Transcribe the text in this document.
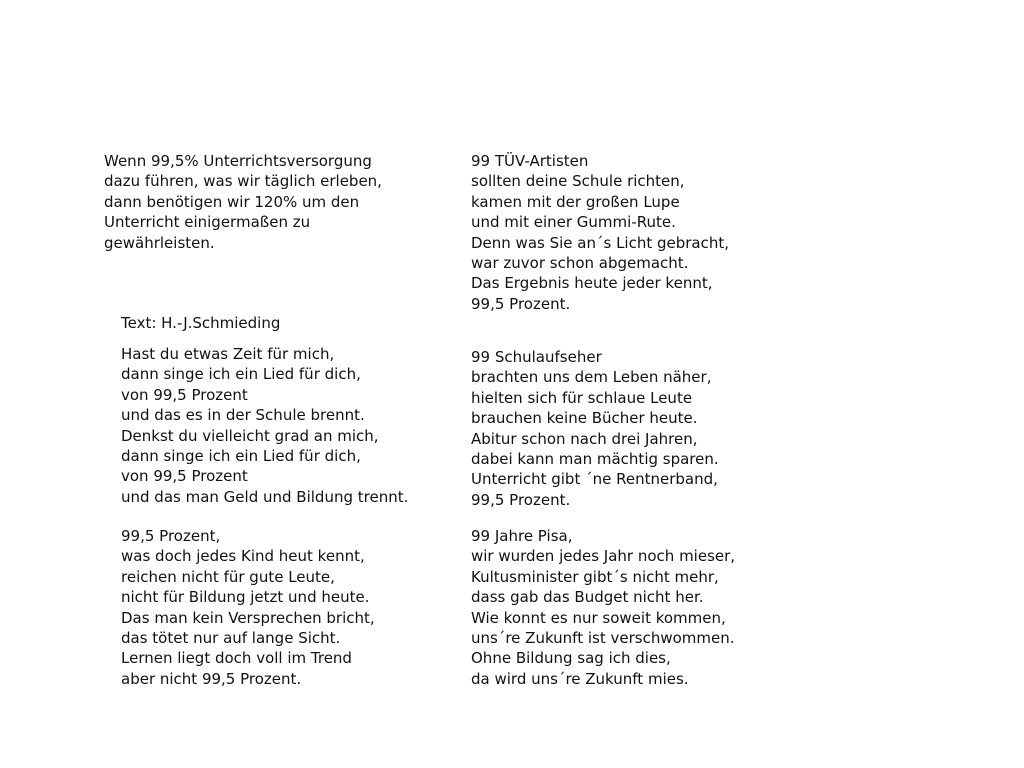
Wenn 99,5% Unterrichtsversorgung
dazu führen, was wir täglich erleben,
dann benötigen wir 120% um den
Unterricht einigermaßen zu
gewährleisten.
Text: H.-J.Schmieding
Hast du etwas Zeit für mich,
dann singe ich ein Lied für dich,
von 99,5 Prozent
und das es in der Schule brennt.
Denkst du vielleicht grad an mich,
dann singe ich ein Lied für dich,
von 99,5 Prozent
und das man Geld und Bildung trennt.
99,5 Prozent,
was doch jedes Kind heut kennt,
reichen nicht für gute Leute,
nicht für Bildung jetzt und heute.
Das man kein Versprechen bricht,
das tötet nur auf lange Sicht.
Lernen liegt doch voll im Trend
aber nicht 99,5 Prozent.
99 TÜV-Artisten
sollten deine Schule richten,
kamen mit der großen Lupe
und mit einer Gummi-Rute.
Denn was Sie an´s Licht gebracht,
war zuvor schon abgemacht.
Das Ergebnis heute jeder kennt,
99,5 Prozent.
99 Schulaufseher
brachten uns dem Leben näher,
hielten sich für schlaue Leute
brauchen keine Bücher heute.
Abitur schon nach drei Jahren,
dabei kann man mächtig sparen.
Unterricht gibt ´ne Rentnerband,
99,5 Prozent.
99 Jahre Pisa,
wir wurden jedes Jahr noch mieser,
Kultusminister gibt´s nicht mehr,
dass gab das Budget nicht her.
Wie konnt es nur soweit kommen,
uns´re Zukunft ist verschwommen.
Ohne Bildung sag ich dies,
da wird uns´re Zukunft mies.
